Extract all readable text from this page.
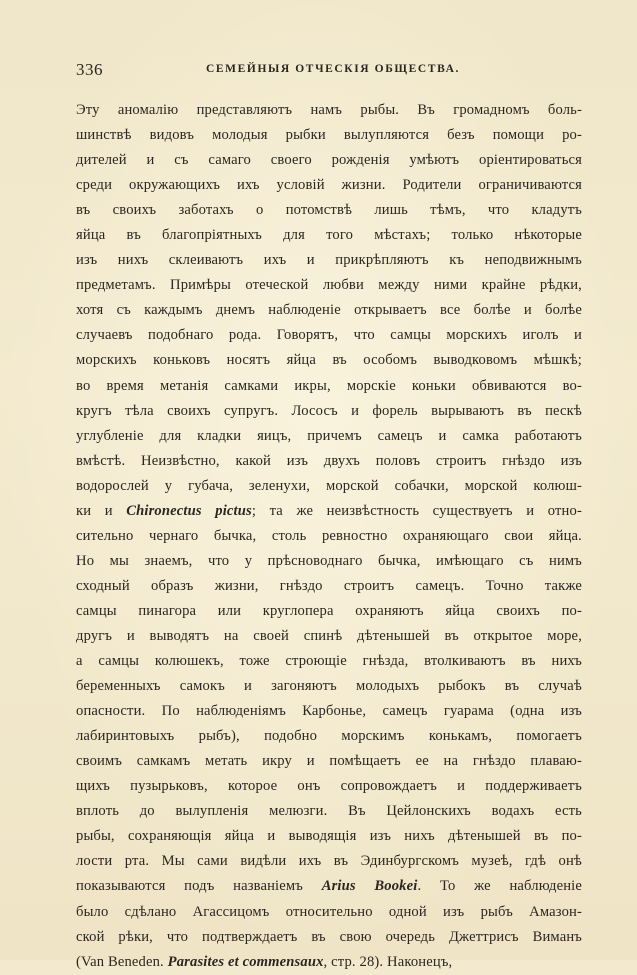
336	СЕМЕЙНЫЯ ОТЧЕСКІЯ ОБЩЕСТВА.
Эту аномалію представляютъ намъ рыбы. Въ громадномъ боль-
шинствѣ видовъ молодыя рыбки вылупляются безъ помощи ро-
дителей и съ самаго своего рожденія умѣютъ оріентироваться
среди окружающихъ ихъ условій жизни. Родители ограничиваются
въ своихъ заботахъ о потомствѣ лишь тѣмъ, что кладутъ
яйца въ благопріятныхъ для того мѣстахъ; только нѣкоторые
изъ нихъ склеиваютъ ихъ и прикрѣпляютъ къ неподвижнымъ
предметамъ. Примѣры отеческой любви между ними крайне рѣдки,
хотя съ каждымъ днемъ наблюденіе открываетъ все болѣе и болѣе
случаевъ подобнаго рода. Говорятъ, что самцы морскихъ иголъ и
морскихъ коньковъ носятъ яйца въ особомъ выводковомъ мѣшкѣ;
во время метанія самками икры, морскіе коньки обвиваются во-
кругъ тѣла своихъ супругъ. Лососъ и форель вырываютъ въ пескѣ
углубленіе для кладки яицъ, причемъ самецъ и самка работаютъ
вмѣстѣ. Неизвѣстно, какой изъ двухъ половъ строитъ гнѣздо изъ
водорослей у губача, зеленухи, морской собачки, морской колюш-
ки и Chironectus pictus; та же неизвѣстность существуетъ и отно-
сительно чернаго бычка, столь ревностно охраняющаго свои яйца.
Но мы знаемъ, что у прѣсноводнаго бычка, имѣющаго съ нимъ
сходный образъ жизни, гнѣздо строитъ самецъ. Точно также
самцы пинагора или круглопера охраняютъ яйца своихъ по-
другъ и выводятъ на своей спинѣ дѣтенышей въ открытое море,
а самцы колюшекъ, тоже строющіе гнѣзда, втолкиваютъ въ нихъ
беременныхъ самокъ и загоняютъ молодыхъ рыбокъ въ случаѣ
опасности. По наблюденіямъ Карбонье, самецъ гуарама (одна изъ
лабиринтовыхъ рыбъ), подобно морскимъ конькамъ, помогаетъ
своимъ самкамъ метать икру и помѣщаетъ ее на гнѣздо плаваю-
щихъ пузырьковъ, которое онъ сопровождаетъ и поддерживаетъ
вплоть до вылупленія мелюзги. Въ Цейлонскихъ водахъ есть
рыбы, сохраняющія яйца и выводящія изъ нихъ дѣтенышей въ по-
лости рта. Мы сами видѣли ихъ въ Эдинбургскомъ музеѣ, гдѣ онѣ
показываются подъ названіемъ Arius Bookei. То же наблюденіе
было сдѣлано Агассицомъ относительно одной изъ рыбъ Амазон-
ской рѣки, что подтверждаетъ въ свою очередь Джеттрисъ Виманъ
(Van Beneden. Parasites et commensaux, стр. 28). Наконецъ,
